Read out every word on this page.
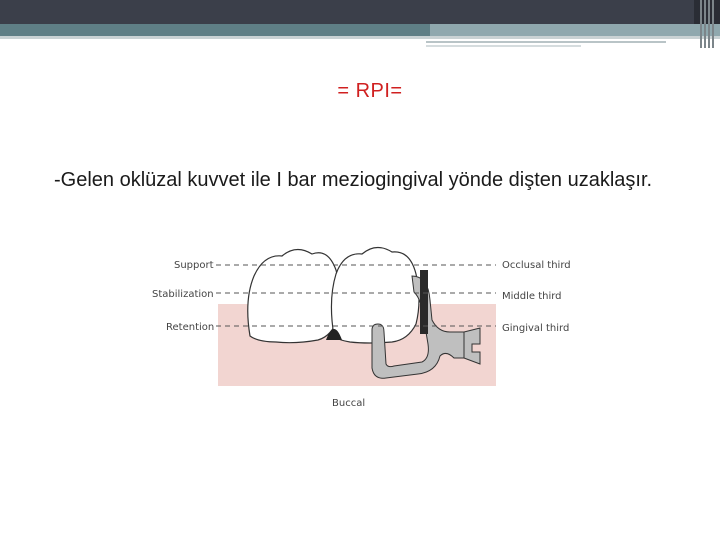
= RPI=
-Gelen oklüzal kuvvet ile I bar meziogingival yönde dişten uzaklaşır.
Support
Stabilization
Retention
Occlusal third
Middle third
Gingival third
Buccal
